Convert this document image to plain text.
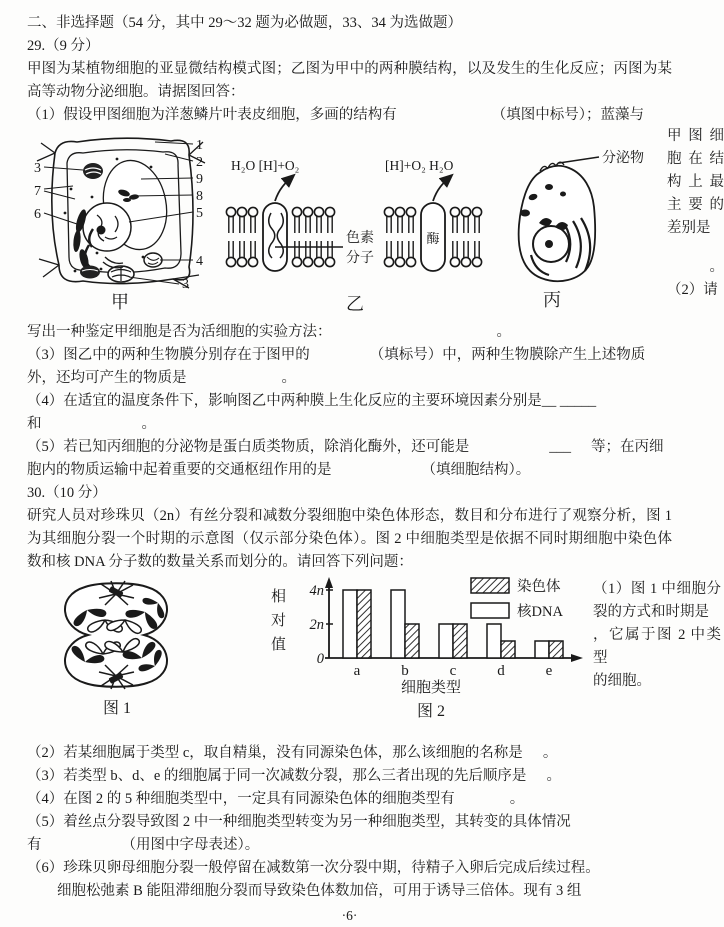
二、非选择题（54 分，其中 29～32 题为必做题，33、34 为选做题）

29.（9 分）

甲图为某植物细胞的亚显微结构模式图；乙图为甲中的两种膜结构，以及发生的生化反应；丙图为某高等动物分泌细胞。请据图回答：

（1）假设甲图细胞为洋葱鳞片叶表皮细胞，多画的结构有	（填图中标号）；蓝藻与

1
2
9
8
5
4
3
3
7
6
甲
酶
H₂O [H]+O₂	[H]+O₂ H₂O
色素
分子
乙
分泌物
丙
甲图细胞在结构上最主要的差别是
。
（2）请

写出一种鉴定甲细胞是否为活细胞的实验方法：	。

（3）图乙中的两种生物膜分别存在于图甲的	（填标号）中，两种生物膜除产生上述物质

外，还均可产生的物质是	。

（4）在适宜的温度条件下，影响图乙中两种膜上生化反应的主要环境因素分别是__ _____

和	。

（5）若已知丙细胞的分泌物是蛋白质类物质，除消化酶外，还可能是	___ 等；在丙细

胞内的物质运输中起着重要的交通枢纽作用的是	（填细胞结构）。

30.（10 分）

研究人员对珍珠贝（2n）有丝分裂和减数分裂细胞中染色体形态，数目和分布进行了观察分析，图 1 为其细胞分裂一个时期的示意图（仅示部分染色体）。图 2 中细胞类型是依据不同时期细胞中染色体数和核 DNA 分子数的数量关系而划分的。请回答下列问题：

图 1
相对值 4n
2n
0
a	b	c	d	e
染色体
核DNA
细胞类型
图 2
（1）图 1 中细胞分裂的方式和时期是
，它属于图 2 中类型
的细胞。

（2）若某细胞属于类型 c，取自精巢，没有同源染色体，那么该细胞的名称是 。

（3）若类型 b、d、e 的细胞属于同一次减数分裂，那么三者出现的先后顺序是 。

（4）在图 2 的 5 种细胞类型中，一定具有同源染色体的细胞类型有	。

（5）着丝点分裂导致图 2 中一种细胞类型转变为另一种细胞类型，其转变的具体情况

有	（用图中字母表述）。

（6）珍珠贝卵母细胞分裂一般停留在减数第一次分裂中期，待精子入卵后完成后续过程。

细胞松弛素 B 能阻滞细胞分裂而导致染色体数加倍，可用于诱导三倍体。现有 3 组

·6·
